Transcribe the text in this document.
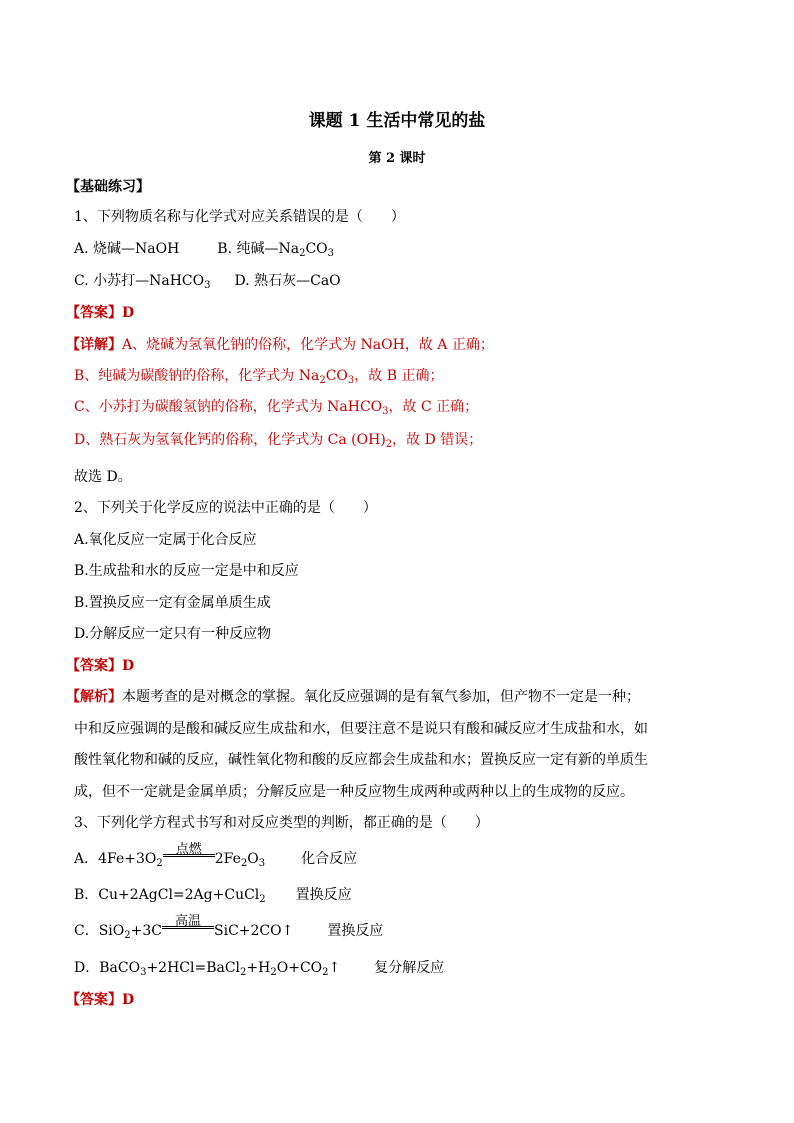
课题 1 生活中常见的盐
第 2 课时
【基础练习】
1、下列物质名称与化学式对应关系错误的是（　　）
A. 烧碱—NaOH	B. 纯碱$—Na_2CO_3$
C. 小苏打—NaHCO$_3$ D. 熟石灰—CaO
【答案】D
【详解】A、烧碱为氢氧化钠的俗称，化学式为 NaOH，故 A 正确；
B、纯碱为碳酸钠的俗称，化学式为 $Na_2CO_3$，故 B 正确；
C、小苏打为碳酸氢钠的俗称，化学式为 NaHCO$_3$，故 C 正确；
D、熟石灰为氢氧化钙的俗称，化学式为 Ca $(OH)_2$，故 D 错误；
故选 D。
2、下列关于化学反应的说法中正确的是（　　）
A.氧化反应一定属于化合反应
B.生成盐和水的反应一定是中和反应
B.置换反应一定有金属单质生成
D.分解反应一定只有一种反应物
【答案】D
【解析】本题考查的是对概念的掌握。氧化反应强调的是有氧气参加，但产物不一定是一种；
中和反应强调的是酸和碱反应生成盐和水，但要注意不是说只有酸和碱反应才生成盐和水，如
酸性氧化物和碱的反应，碱性氧化物和酸的反应都会生成盐和水；置换反应一定有新的单质生
成，但不一定就是金属单质；分解反应是一种反应物生成两种或两种以上的生成物的反应。
3、下列化学方程式书写和对反应类型的判断，都正确的是（　　）
A．$4Fe+3O_2$
点燃
$2Fe_2O_3$	化合反应
B．Cu+2AgCl=2Ag+CuCl$_2$ 置换反应
C．SiO$_2$+3C
高温
SiC+2CO↑ 置换反应
D．$BaCO_3+2HCl=BaCl_2+H_2O+CO_2↑$ 复分解反应
【答案】D
